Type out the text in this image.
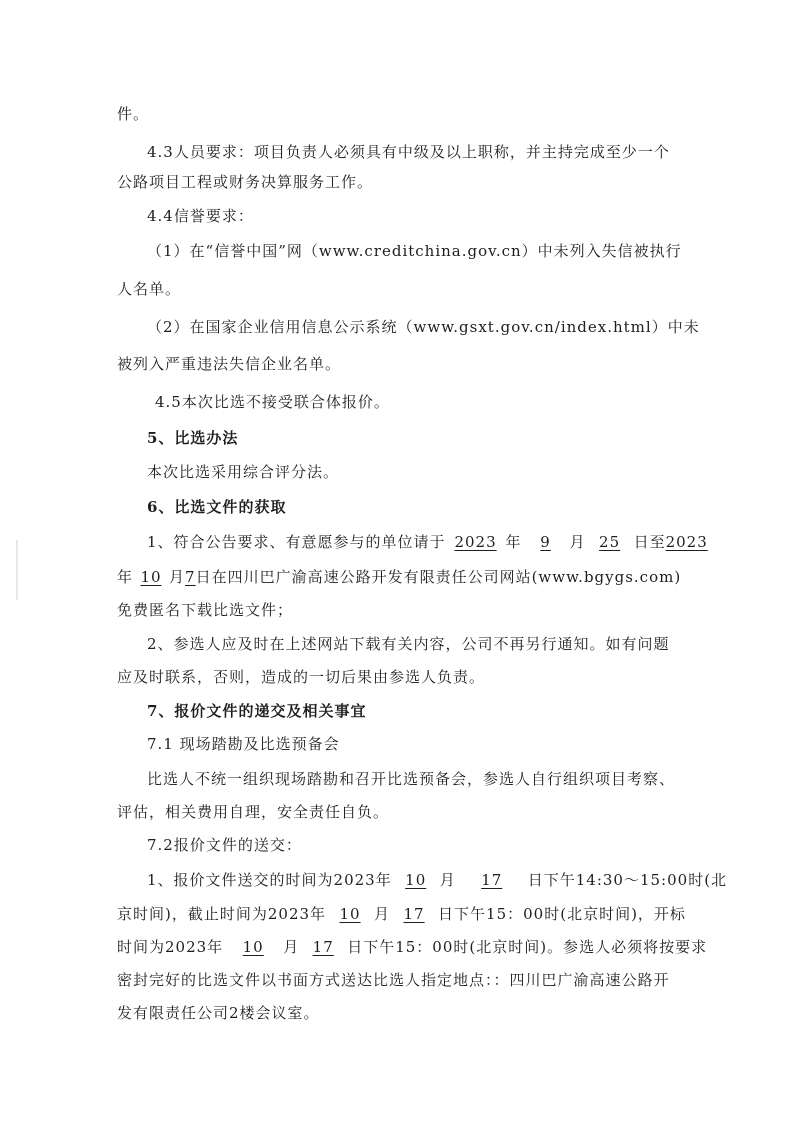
件。
4.3人员要求：项目负责人必须具有中级及以上职称，并主持完成至少一个
公路项目工程或财务决算服务工作。
4.4信誉要求：
（1）在“信誉中国”网（www.creditchina.gov.cn）中未列入失信被执行
人名单。
（2）在国家企业信用信息公示系统（www.gsxt.gov.cn/index.html）中未
被列入严重违法失信企业名单。
4.5本次比选不接受联合体报价。
5、比选办法
本次比选采用综合评分法。
6、比选文件的获取
1、符合公告要求、有意愿参与的单位请于 2023 年 9 月 25 日至2023
年 10 月7日在四川巴广渝高速公路开发有限责任公司网站(www.bgygs.com)
免费匿名下载比选文件；
2、参选人应及时在上述网站下载有关内容，公司不再另行通知。如有问题
应及时联系，否则，造成的一切后果由参选人负责。
7、报价文件的递交及相关事宜
7.1 现场踏勘及比选预备会
比选人不统一组织现场踏勘和召开比选预备会，参选人自行组织项目考察、
评估，相关费用自理，安全责任自负。
7.2报价文件的送交：
1、报价文件送交的时间为2023年 10 月 17 日下午14:30～15:00时(北
京时间)，截止时间为2023年 10 月 17 日下午15：00时(北京时间)，开标
时间为2023年 10 月 17 日下午15：00时(北京时间)。参选人必须将按要求
密封完好的比选文件以书面方式送达比选人指定地点：：四川巴广渝高速公路开
发有限责任公司2楼会议室。
